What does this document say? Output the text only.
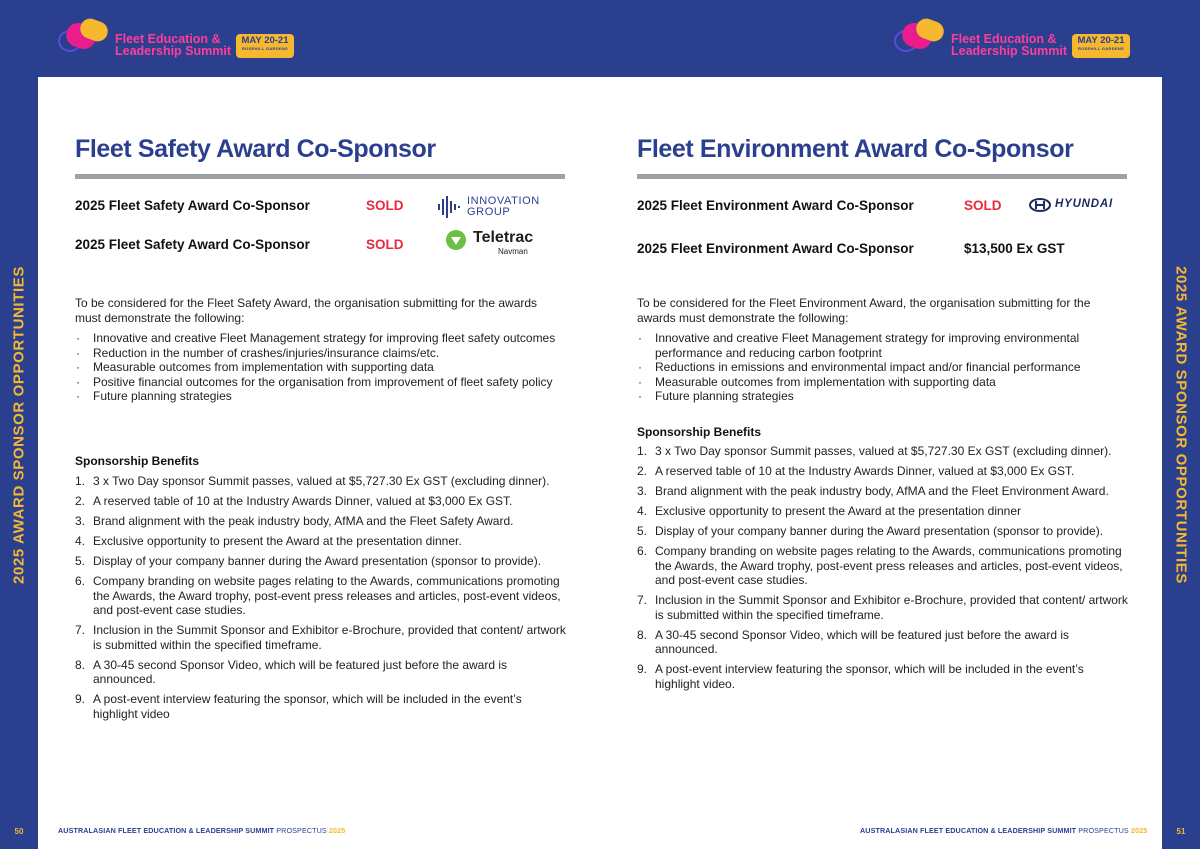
2025 AWARD SPONSOR OPPORTUNITIES
50
2025 AWARD SPONSOR OPPORTUNITIES
51
Fleet Education &
Leadership Summit
MAY 20-21
ROSEHILL GARDENS
Fleet Education &
Leadership Summit
MAY 20-21
ROSEHILL GARDENS
Fleet Safety Award Co-Sponsor
2025 Fleet Safety Award Co-Sponsor	SOLD	INNOVATION
GROUP
2025 Fleet Safety Award Co-Sponsor	SOLD	Teletrac
Navman

To be considered for the Fleet Safety Award, the organisation submitting for the awards must demonstrate the following:

· Innovative and creative Fleet Management strategy for improving fleet safety outcomes
· Reduction in the number of crashes/injuries/insurance claims/etc.
· Measurable outcomes from implementation with supporting data
· Positive financial outcomes for the organisation from improvement of fleet safety policy
· Future planning strategies
Sponsorship Benefits
1. 3 x Two Day sponsor Summit passes, valued at $5,727.30 Ex GST (excluding dinner).
2. A reserved table of 10 at the Industry Awards Dinner, valued at $3,000 Ex GST.
3. Brand alignment with the peak industry body, AfMA and the Fleet Safety Award.
4. Exclusive opportunity to present the Award at the presentation dinner.
5. Display of your company banner during the Award presentation (sponsor to provide).
6. Company branding on website pages relating to the Awards, communications promoting the Awards, the Award trophy, post-event press releases and articles, post-event videos, and post-event case studies.
7. Inclusion in the Summit Sponsor and Exhibitor e-Brochure, provided that content/ artwork is submitted within the specified timeframe.
8. A 30-45 second Sponsor Video, which will be featured just before the award is announced.
9. A post-event interview featuring the sponsor, which will be included in the event’s highlight video
Fleet Environment Award Co-Sponsor
2025 Fleet Environment Award Co-Sponsor	SOLD	HYUNDAI
2025 Fleet Environment Award Co-Sponsor	$13,500 Ex GST

To be considered for the Fleet Environment Award, the organisation submitting for the awards must demonstrate the following:

· Innovative and creative Fleet Management strategy for improving environmental performance and reducing carbon footprint
· Reductions in emissions and environmental impact and/or financial performance
· Measurable outcomes from implementation with supporting data
· Future planning strategies
Sponsorship Benefits
1. 3 x Two Day sponsor Summit passes, valued at $5,727.30 Ex GST (excluding dinner).
2. A reserved table of 10 at the Industry Awards Dinner, valued at $3,000 Ex GST.
3. Brand alignment with the peak industry body, AfMA and the Fleet Environment Award.
4. Exclusive opportunity to present the Award at the presentation dinner
5. Display of your company banner during the Award presentation (sponsor to provide).
6. Company branding on website pages relating to the Awards, communications promoting the Awards, the Award trophy, post-event press releases and articles, post-event videos, and post-event case studies.
7. Inclusion in the Summit Sponsor and Exhibitor e-Brochure, provided that content/ artwork is submitted within the specified timeframe.
8. A 30-45 second Sponsor Video, which will be featured just before the award is announced.
9. A post-event interview featuring the sponsor, which will be included in the event’s highlight video.
AUSTRALASIAN FLEET EDUCATION & LEADERSHIP SUMMIT PROSPECTUS 2025	AUSTRALASIAN FLEET EDUCATION & LEADERSHIP SUMMIT PROSPECTUS 2025
